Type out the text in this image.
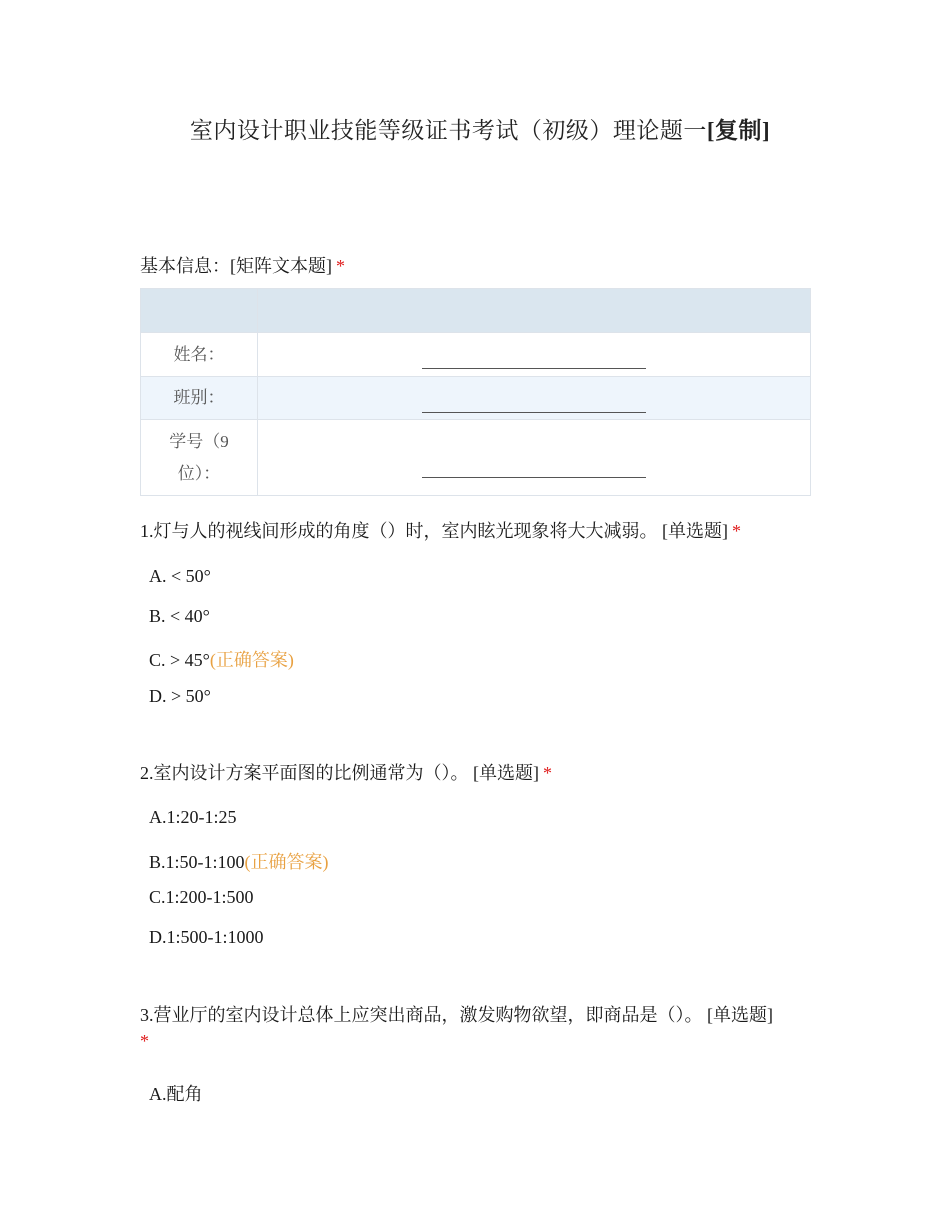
室内设计职业技能等级证书考试（初级）理论题一[复制]
基本信息：[矩阵文本题] *

姓名：	

班别：	

学号（9位）：	
1.灯与人的视线间形成的角度（）时，室内眩光现象将大大减弱。 [单选题] *
A. < 50°
B. < 40°
C. > 45°(正确答案)
D. > 50°
2.室内设计方案平面图的比例通常为（）。 [单选题] *
A.1:20-1:25
B.1:50-1:100(正确答案)
C.1:200-1:500
D.1:500-1:1000
3.营业厅的室内设计总体上应突出商品，激发购物欲望，即商品是（）。 [单选题]
*
A.配角
